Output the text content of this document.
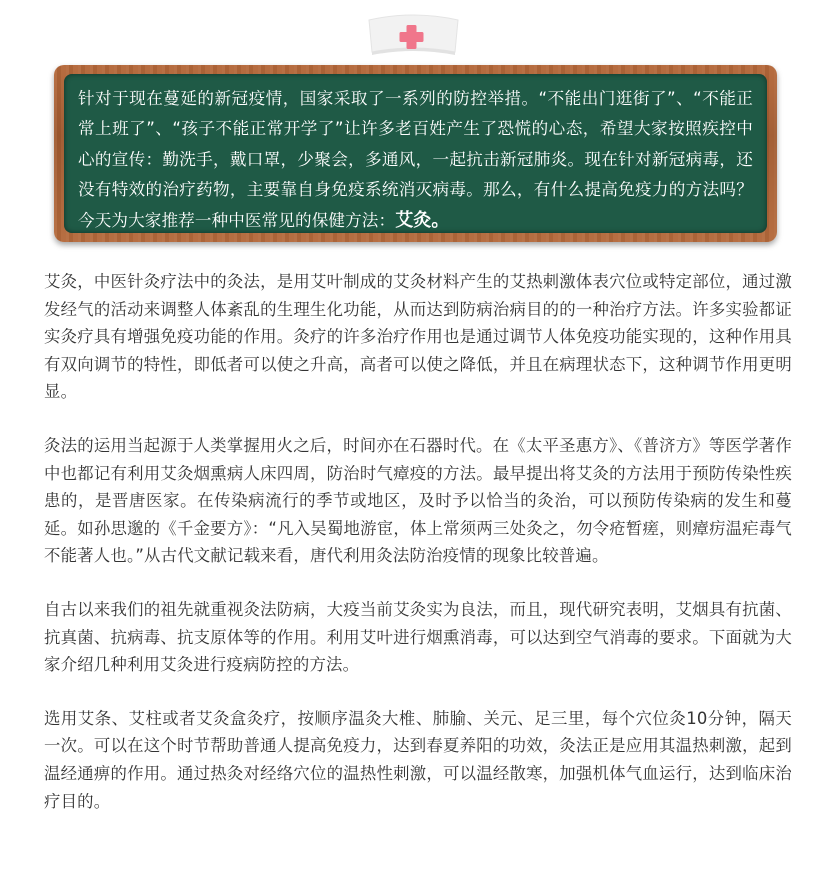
针对于现在蔓延的新冠疫情，国家采取了一系列的防控举措。“不能出门逛街了”、“不能正常上班了”、“孩子不能正常开学了”让许多老百姓产生了恐慌的心态，希望大家按照疾控中心的宣传：勤洗手，戴口罩，少聚会，多通风，一起抗击新冠肺炎。现在针对新冠病毒，还没有特效的治疗药物，主要靠自身免疫系统消灭病毒。那么，有什么提高免疫力的方法吗？今天为大家推荐一种中医常见的保健方法：艾灸。

艾灸，中医针灸疗法中的灸法，是用艾叶制成的艾灸材料产生的艾热刺激体表穴位或特定部位，通过激发经气的活动来调整人体紊乱的生理生化功能，从而达到防病治病目的的一种治疗方法。许多实验都证实灸疗具有增强免疫功能的作用。灸疗的许多治疗作用也是通过调节人体免疫功能实现的，这种作用具有双向调节的特性，即低者可以使之升高，高者可以使之降低，并且在病理状态下，这种调节作用更明显。

灸法的运用当起源于人类掌握用火之后，时间亦在石器时代。在《太平圣惠方》、《普济方》等医学著作中也都记有利用艾灸烟熏病人床四周，防治时气瘴疫的方法。最早提出将艾灸的方法用于预防传染性疾患的，是晋唐医家。在传染病流行的季节或地区，及时予以恰当的灸治，可以预防传染病的发生和蔓延。如孙思邈的《千金要方》：“凡入吴蜀地游宦，体上常须两三处灸之，勿令疮暂瘥，则瘴疠温疟毒气不能著人也。”从古代文献记载来看，唐代利用灸法防治疫情的现象比较普遍。

自古以来我们的祖先就重视灸法防病，大疫当前艾灸实为良法，而且，现代研究表明，艾烟具有抗菌、抗真菌、抗病毒、抗支原体等的作用。利用艾叶进行烟熏消毒，可以达到空气消毒的要求。下面就为大家介绍几种利用艾灸进行疫病防控的方法。

选用艾条、艾柱或者艾灸盒灸疗，按顺序温灸大椎、肺腧、关元、足三里，每个穴位灸10分钟，隔天一次。可以在这个时节帮助普通人提高免疫力，达到春夏养阳的功效，灸法正是应用其温热刺激，起到温经通痹的作用。通过热灸对经络穴位的温热性刺激，可以温经散寒，加强机体气血运行，达到临床治疗目的。
